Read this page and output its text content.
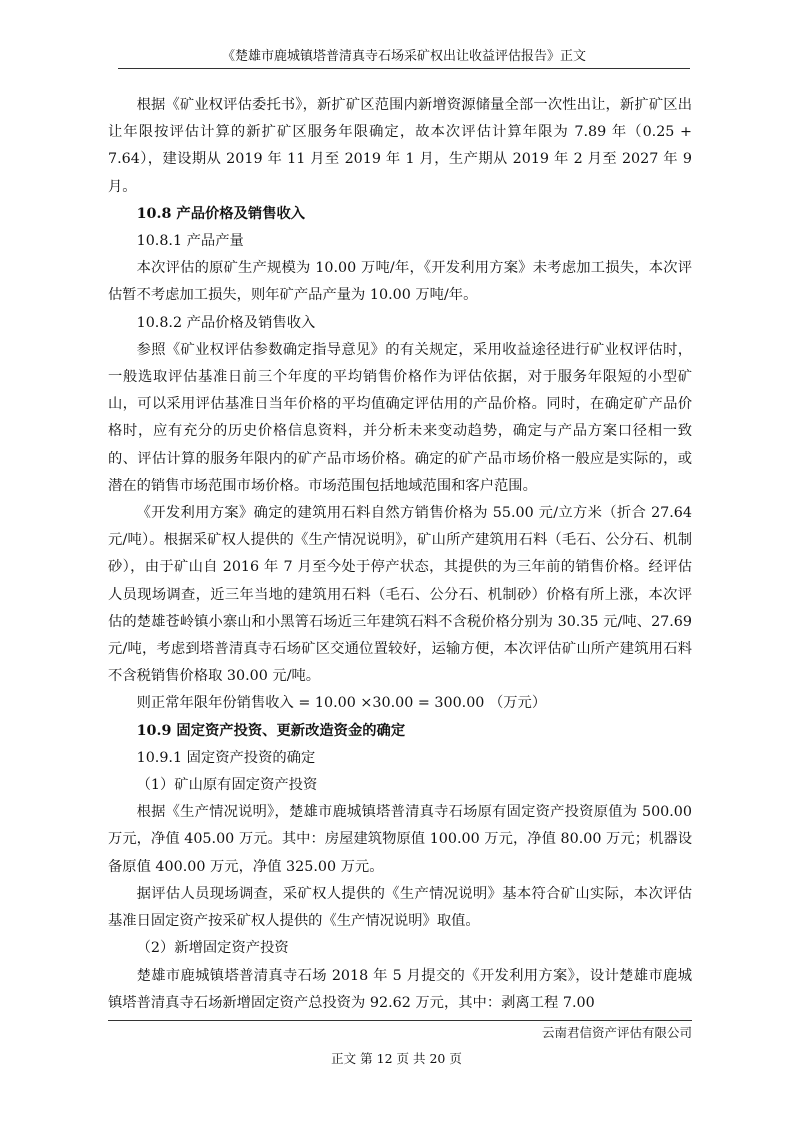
《楚雄市鹿城镇塔普清真寺石场采矿权出让收益评估报告》正文

根据《矿业权评估委托书》，新扩矿区范围内新增资源储量全部一次性出让，新扩矿区出让年限按评估计算的新扩矿区服务年限确定，故本次评估计算年限为 7.89 年（0.25 + 7.64），建设期从 2019 年 11 月至 2019 年 1 月，生产期从 2019 年 2 月至 2027 年 9 月。

10.8 产品价格及销售收入

10.8.1 产品产量

本次评估的原矿生产规模为 10.00 万吨/年，《开发利用方案》未考虑加工损失，本次评估暂不考虑加工损失，则年矿产品产量为 10.00 万吨/年。

10.8.2 产品价格及销售收入

参照《矿业权评估参数确定指导意见》的有关规定，采用收益途径进行矿业权评估时，一般选取评估基准日前三个年度的平均销售价格作为评估依据，对于服务年限短的小型矿山，可以采用评估基准日当年价格的平均值确定评估用的产品价格。同时，在确定矿产品价格时，应有充分的历史价格信息资料，并分析未来变动趋势，确定与产品方案口径相一致的、评估计算的服务年限内的矿产品市场价格。确定的矿产品市场价格一般应是实际的，或潜在的销售市场范围市场价格。市场范围包括地域范围和客户范围。

《开发利用方案》确定的建筑用石料自然方销售价格为 55.00 元/立方米（折合 27.64 元/吨）。根据采矿权人提供的《生产情况说明》，矿山所产建筑用石料（毛石、公分石、机制砂），由于矿山自 2016 年 7 月至今处于停产状态，其提供的为三年前的销售价格。经评估人员现场调查，近三年当地的建筑用石料（毛石、公分石、机制砂）价格有所上涨，本次评估的楚雄苍岭镇小寨山和小黑箐石场近三年建筑石料不含税价格分别为 30.35 元/吨、27.69 元/吨，考虑到塔普清真寺石场矿区交通位置较好，运输方便，本次评估矿山所产建筑用石料不含税销售价格取 30.00 元/吨。

则正常年限年份销售收入 = 10.00 ×30.00 = 300.00 （万元）

10.9 固定资产投资、更新改造资金的确定

10.9.1 固定资产投资的确定

（1）矿山原有固定资产投资

根据《生产情况说明》，楚雄市鹿城镇塔普清真寺石场原有固定资产投资原值为 500.00 万元，净值 405.00 万元。其中：房屋建筑物原值 100.00 万元，净值 80.00 万元；机器设备原值 400.00 万元，净值 325.00 万元。

据评估人员现场调查，采矿权人提供的《生产情况说明》基本符合矿山实际，本次评估基准日固定资产按采矿权人提供的《生产情况说明》取值。

（2）新增固定资产投资

楚雄市鹿城镇塔普清真寺石场 2018 年 5 月提交的《开发利用方案》，设计楚雄市鹿城镇塔普清真寺石场新增固定资产总投资为 92.62 万元，其中：剥离工程 7.00

云南君信资产评估有限公司
正文 第 12 页 共 20 页
